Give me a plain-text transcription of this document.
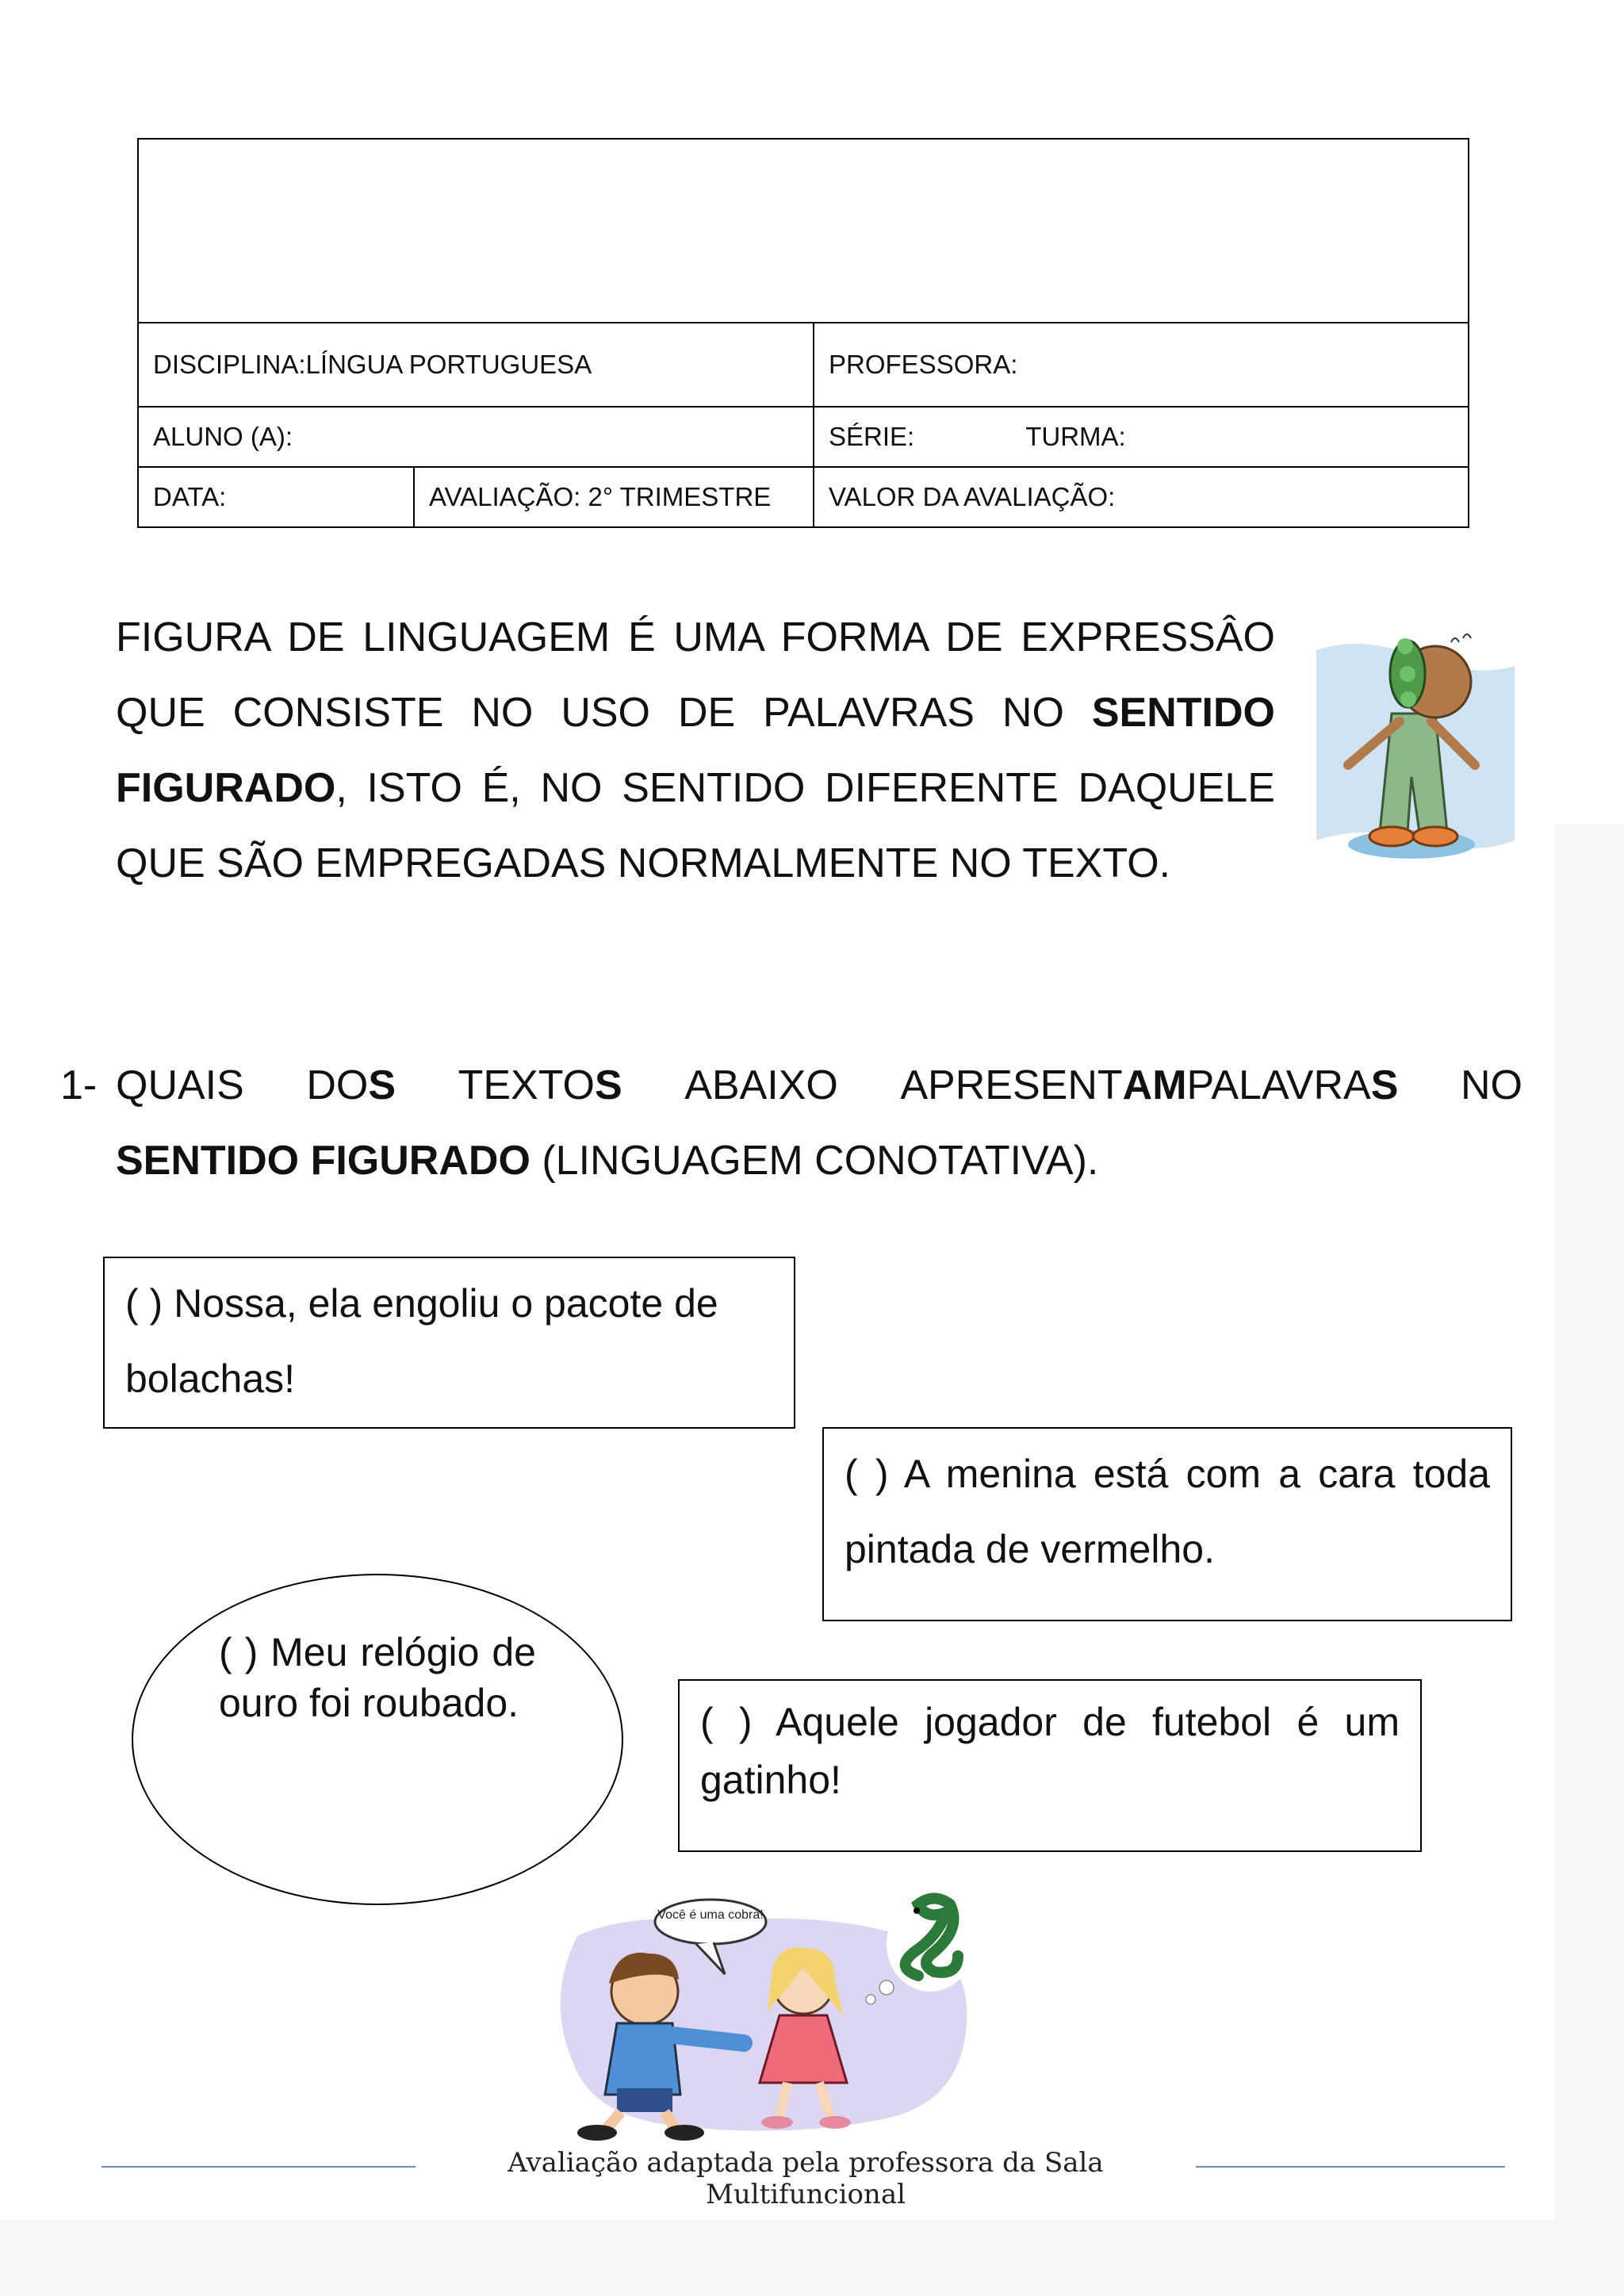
DISCIPLINA:LÍNGUA PORTUGUESA	PROFESSORA:
ALUNO (A):	SÉRIE:	TURMA:
DATA:	AVALIAÇÃO: 2° TRIMESTRE	VALOR DA AVALIAÇÃO:
FIGURA DE LINGUAGEM É UMA FORMA DE EXPRESSÂO QUE CONSISTE NO USO DE PALAVRAS NO SENTIDO FIGURADO, ISTO É, NO SENTIDO DIFERENTE DAQUELE QUE SÃO EMPREGADAS NORMALMENTE NO TEXTO.
1- QUAIS DOS TEXTOS ABAIXO APRESENTAMPALAVRAS NO
SENTIDO FIGURADO (LINGUAGEM CONOTATIVA).
( ) Nossa, ela engoliu o pacote de bolachas!
( ) A menina está com a cara toda pintada de vermelho.
( ) Meu relógio de ouro foi roubado.	( ) Aquele jogador de futebol é um gatinho!
Você é uma cobra!
Avaliação adaptada pela professora da Sala Multifuncional
